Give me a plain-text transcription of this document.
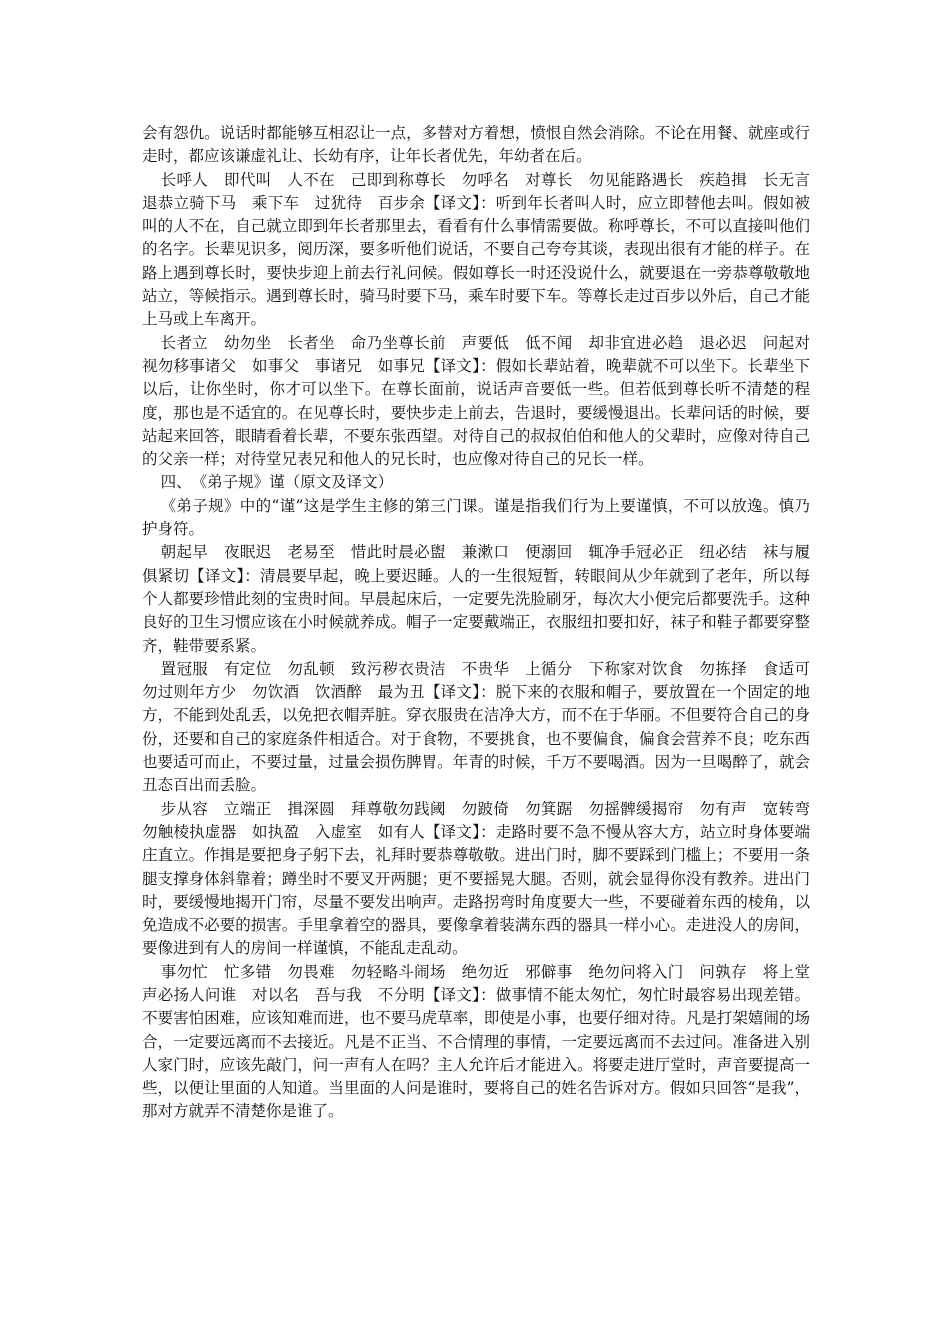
会有怨仇。说话时都能够互相忍让一点，多替对方着想，愤恨自然会消除。不论在用餐、就座或行走时，都应该谦虚礼让、长幼有序，让年长者优先，年幼者在后。

长呼人　即代叫　人不在　己即到称尊长　勿呼名　对尊长　勿见能路遇长　疾趋揖　长无言　退恭立骑下马　乘下车　过犹待　百步余【译文】：听到年长者叫人时，应立即替他去叫。假如被叫的人不在，自己就立即到年长者那里去，看看有什么事情需要做。称呼尊长，不可以直接叫他们的名字。长辈见识多，阅历深，要多听他们说话，不要自己夸夸其谈，表现出很有才能的样子。在路上遇到尊长时，要快步迎上前去行礼问候。假如尊长一时还没说什么，就要退在一旁恭尊敬敬地站立，等候指示。遇到尊长时，骑马时要下马，乘车时要下车。等尊长走过百步以外后，自己才能上马或上车离开。

长者立　幼勿坐　长者坐　命乃坐尊长前　声要低　低不闻　却非宜进必趋　退必迟　问起对　视勿移事诸父　如事父　事诸兄　如事兄【译文】：假如长辈站着，晚辈就不可以坐下。长辈坐下以后，让你坐时，你才可以坐下。在尊长面前，说话声音要低一些。但若低到尊长听不清楚的程度，那也是不适宜的。在见尊长时，要快步走上前去，告退时，要缓慢退出。长辈问话的时候，要站起来回答，眼睛看着长辈，不要东张西望。对待自己的叔叔伯伯和他人的父辈时，应像对待自己的父亲一样；对待堂兄表兄和他人的兄长时，也应像对待自己的兄长一样。

四、　《弟子规》谨（原文及译文）

《弟子规》中的“谨”这是学生主修的第三门课。谨是指我们行为上要谨慎，不可以放逸。慎乃护身符。

朝起早　夜眠迟　老易至　惜此时晨必盥　兼漱口　便溺回　辄净手冠必正　纽必结　袜与履　俱紧切【译文】：清晨要早起，晚上要迟睡。人的一生很短暂，转眼间从少年就到了老年，所以每个人都要珍惜此刻的宝贵时间。早晨起床后，一定要先洗脸刷牙，每次大小便完后都要洗手。这种良好的卫生习惯应该在小时候就养成。帽子一定要戴端正，衣服纽扣要扣好，袜子和鞋子都要穿整齐，鞋带要系紧。

置冠服　有定位　勿乱顿　致污秽衣贵洁　不贵华　上循分　下称家对饮食　勿拣择　食适可　勿过则年方少　勿饮酒　饮酒醉　最为丑【译文】：脱下来的衣服和帽子，要放置在一个固定的地方，不能到处乱丢，以免把衣帽弄脏。穿衣服贵在洁净大方，而不在于华丽。不但要符合自己的身份，还要和自己的家庭条件相适合。对于食物，不要挑食，也不要偏食，偏食会营养不良；吃东西也要适可而止，不要过量，过量会损伤脾胃。年青的时候，千万不要喝酒。因为一旦喝醉了，就会丑态百出而丢脸。

步从容　立端正　揖深圆　拜尊敬勿践阈　勿跛倚　勿箕踞　勿摇髀缓揭帘　勿有声　宽转弯　勿触棱执虚器　如执盈　入虚室　如有人【译文】：走路时要不急不慢从容大方，站立时身体要端庄直立。作揖是要把身子躬下去，礼拜时要恭尊敬敬。进出门时，脚不要踩到门槛上；不要用一条腿支撑身体斜靠着；蹲坐时不要叉开两腿；更不要摇晃大腿。否则，就会显得你没有教养。进出门时，要缓慢地揭开门帘，尽量不要发出响声。走路拐弯时角度要大一些，不要碰着东西的棱角，以免造成不必要的损害。手里拿着空的器具，要像拿着装满东西的器具一样小心。走进没人的房间，要像进到有人的房间一样谨慎，不能乱走乱动。

事勿忙　忙多错　勿畏难　勿轻略斗闹场　绝勿近　邪僻事　绝勿问将入门　问孰存　将上堂　声必扬人问谁　对以名　吾与我　不分明【译文】：做事情不能太匆忙，匆忙时最容易出现差错。不要害怕困难，应该知难而进，也不要马虎草率，即使是小事，也要仔细对待。凡是打架嬉闹的场合，一定要远离而不去接近。凡是不正当、不合情理的事情，一定要远离而不去过问。准备进入别人家门时，应该先敲门，问一声有人在吗？主人允许后才能进入。将要走进厅堂时，声音要提高一些，以便让里面的人知道。当里面的人问是谁时，要将自己的姓名告诉对方。假如只回答“是我”，那对方就弄不清楚你是谁了。
